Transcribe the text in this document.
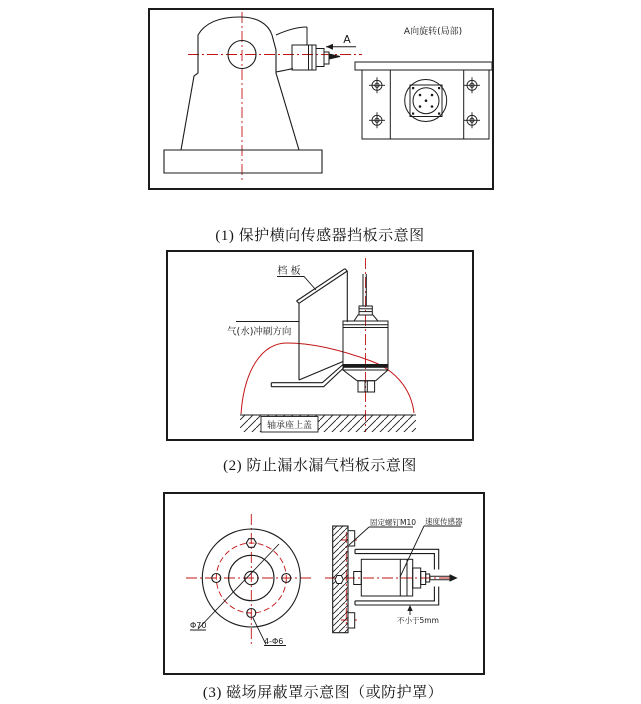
A
A向旋转(局部)
(1) 保护横向传感器挡板示意图
轴承座上盖
档 板
气(水)冲刷方向
(2) 防止漏水漏气档板示意图
Φ70
4-Φ6
固定螺钉M10 速度传感器
不小于5mm
(3) 磁场屏蔽罩示意图（或防护罩）
